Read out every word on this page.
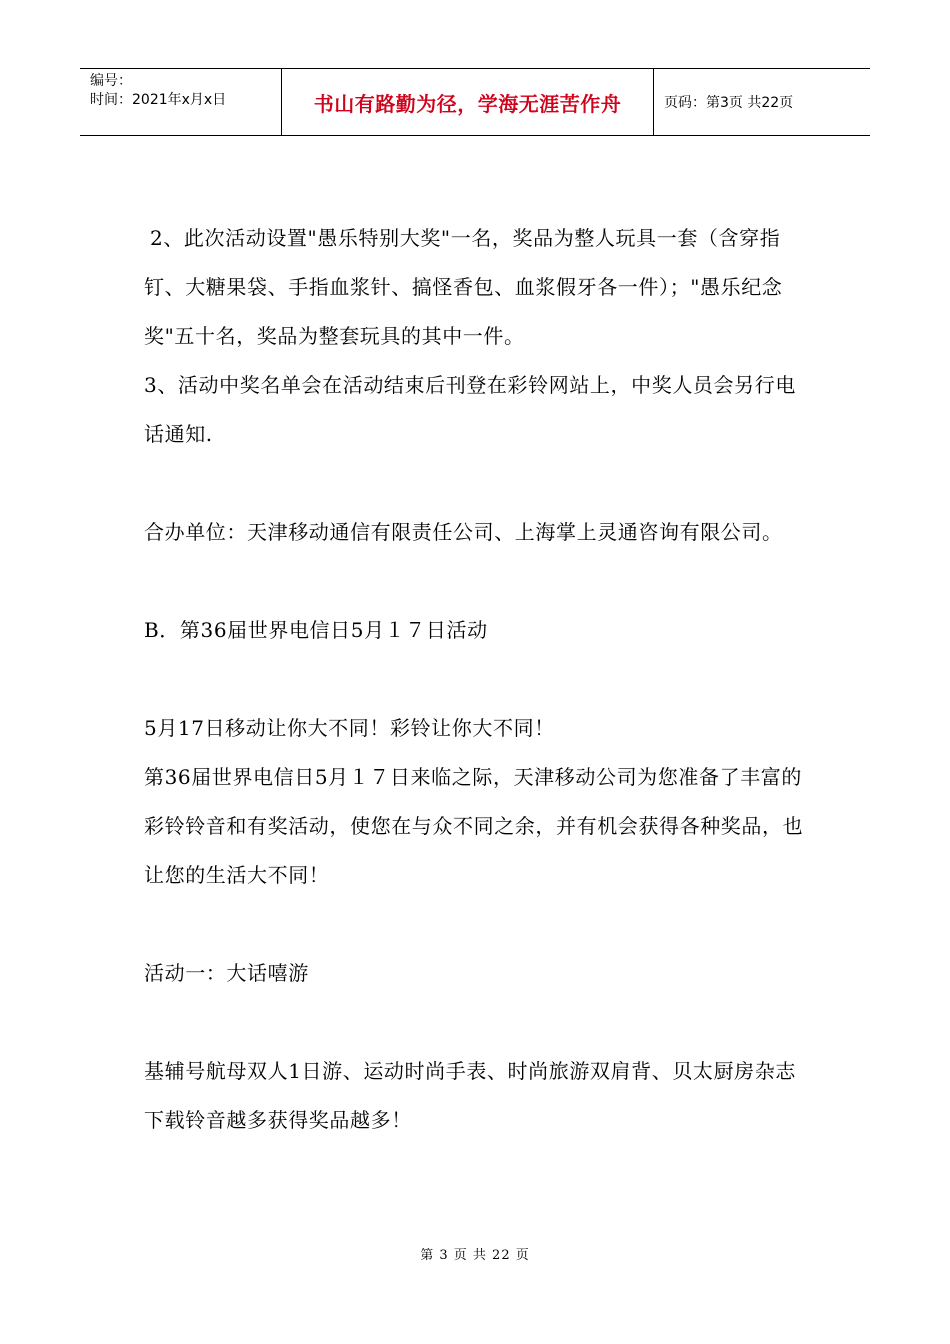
编号：
时间：2021年x月x日	书山有路勤为径，学海无涯苦作舟	页码：第3页 共22页

2、此次活动设置"愚乐特别大奖"一名，奖品为整人玩具一套（含穿指钉、大糖果袋、手指血浆针、搞怪香包、血浆假牙各一件）；"愚乐纪念奖"五十名，奖品为整套玩具的其中一件。

3、活动中奖名单会在活动结束后刊登在彩铃网站上，中奖人员会另行电话通知.

合办单位：天津移动通信有限责任公司、上海掌上灵通咨询有限公司。

B．第36届世界电信日5月１７日活动

5月17日移动让你大不同！彩铃让你大不同！

第36届世界电信日5月１７日来临之际，天津移动公司为您准备了丰富的彩铃铃音和有奖活动，使您在与众不同之余，并有机会获得各种奖品，也让您的生活大不同！

活动一：大话嘻游

基辅号航母双人1日游、运动时尚手表、时尚旅游双肩背、贝太厨房杂志下载铃音越多获得奖品越多！

第 3 页 共 22 页
